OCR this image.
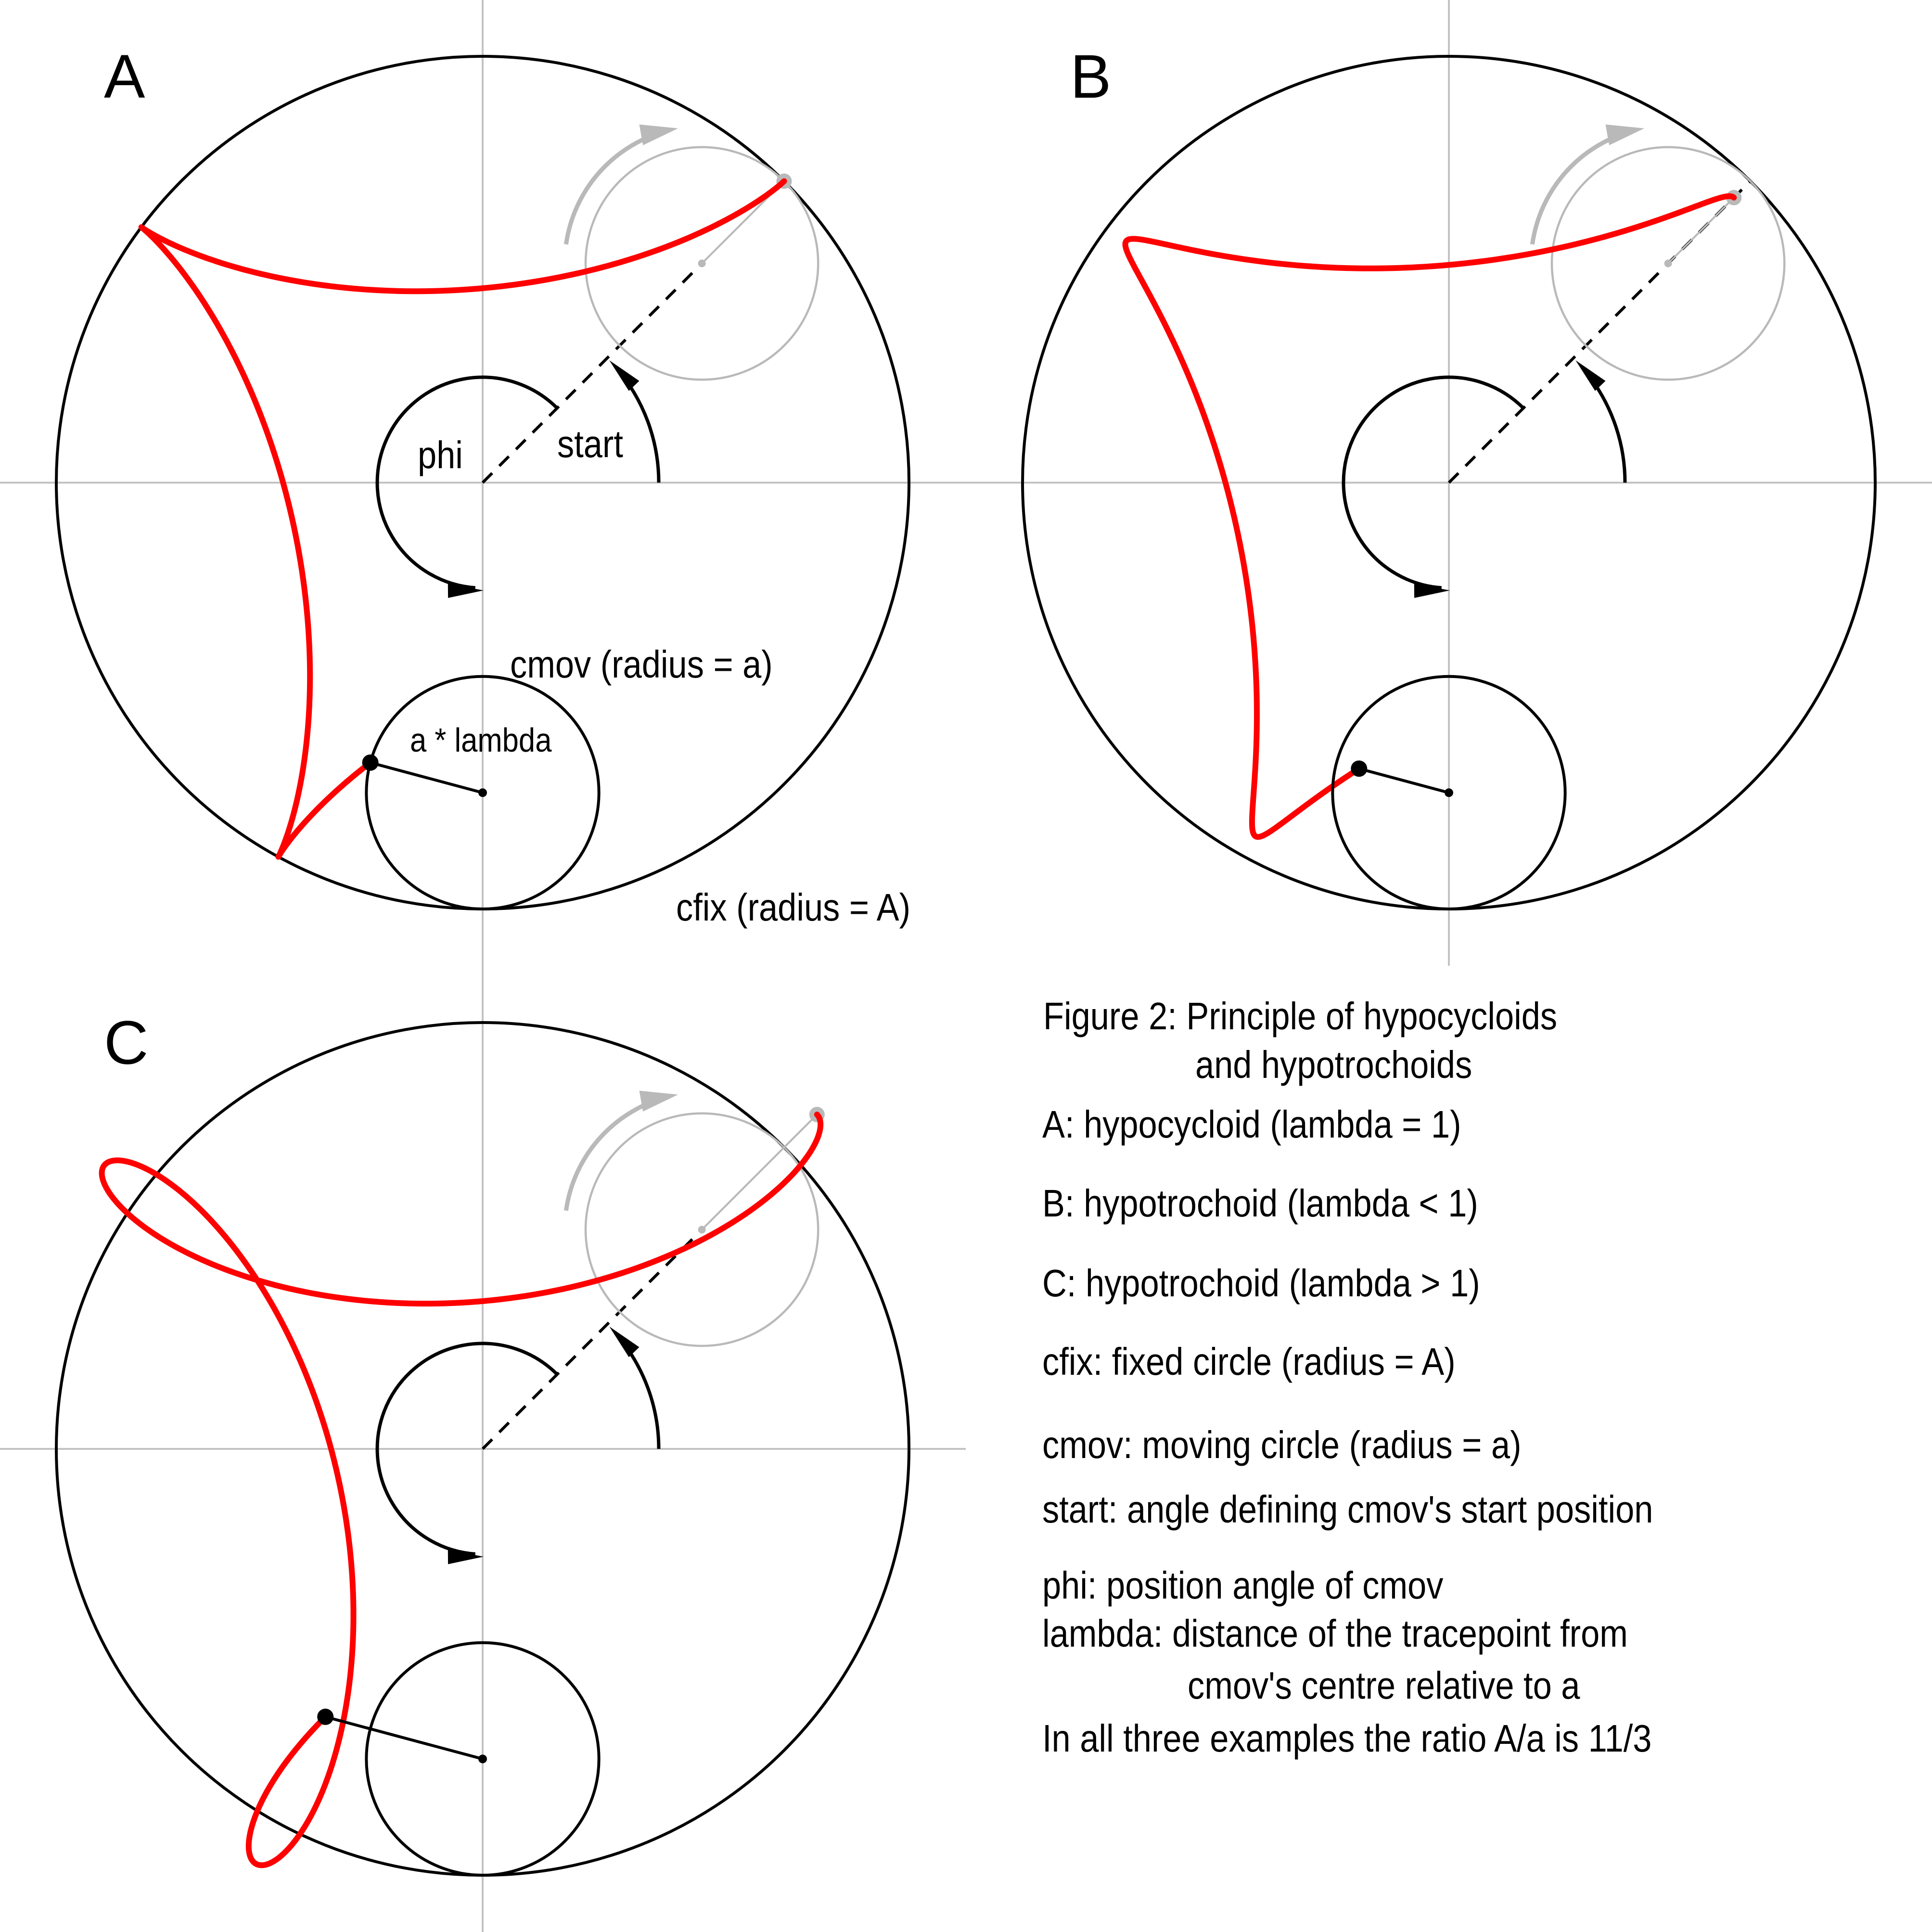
A	B
C
phi start
cmov (radius = a)
a * lambda
cfix (radius = A)
Figure 2: Principle of hypocycloids
and hypotrochoids
A: hypocycloid (lambda = 1)
B: hypotrochoid (lambda < 1)
C: hypotrochoid (lambda > 1)
cfix: fixed circle (radius = A)
cmov: moving circle (radius = a)
start: angle defining cmov's start position
phi: position angle of cmov
lambda: distance of the tracepoint from
cmov's centre relative to a
In all three examples the ratio A/a is 11/3
